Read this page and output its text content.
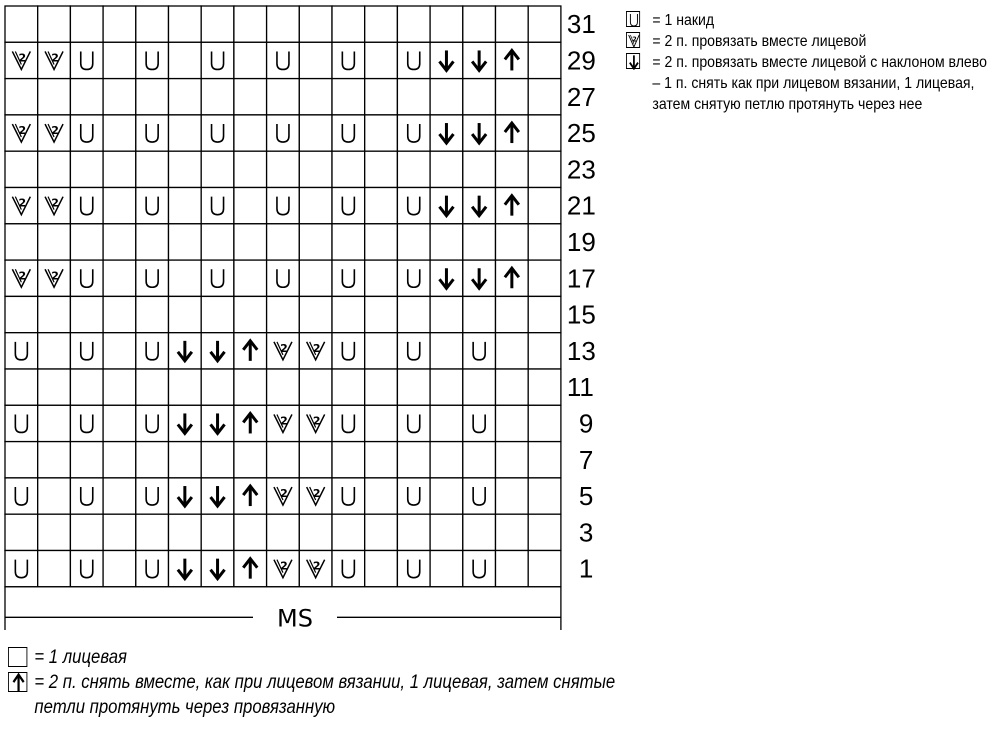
2 2
2 2
2 2
2 2
2 2
2 2
2 2
2 2
31
29
27
25
23
21
19
17
15
13
11
9
7
5
3
1
MS
= 1 накид
2 = 2 п. провязать вместе лицевой
= 2 п. провязать вместе лицевой с наклоном влево – 1 п. снять как при лицевом вязании, 1 лицевая, затем снятую петлю протянуть через нее
= 1 лицевая
= 2 п. снять вместе, как при лицевом вязании, 1 лицевая, затем снятые петли протянуть через провязанную
